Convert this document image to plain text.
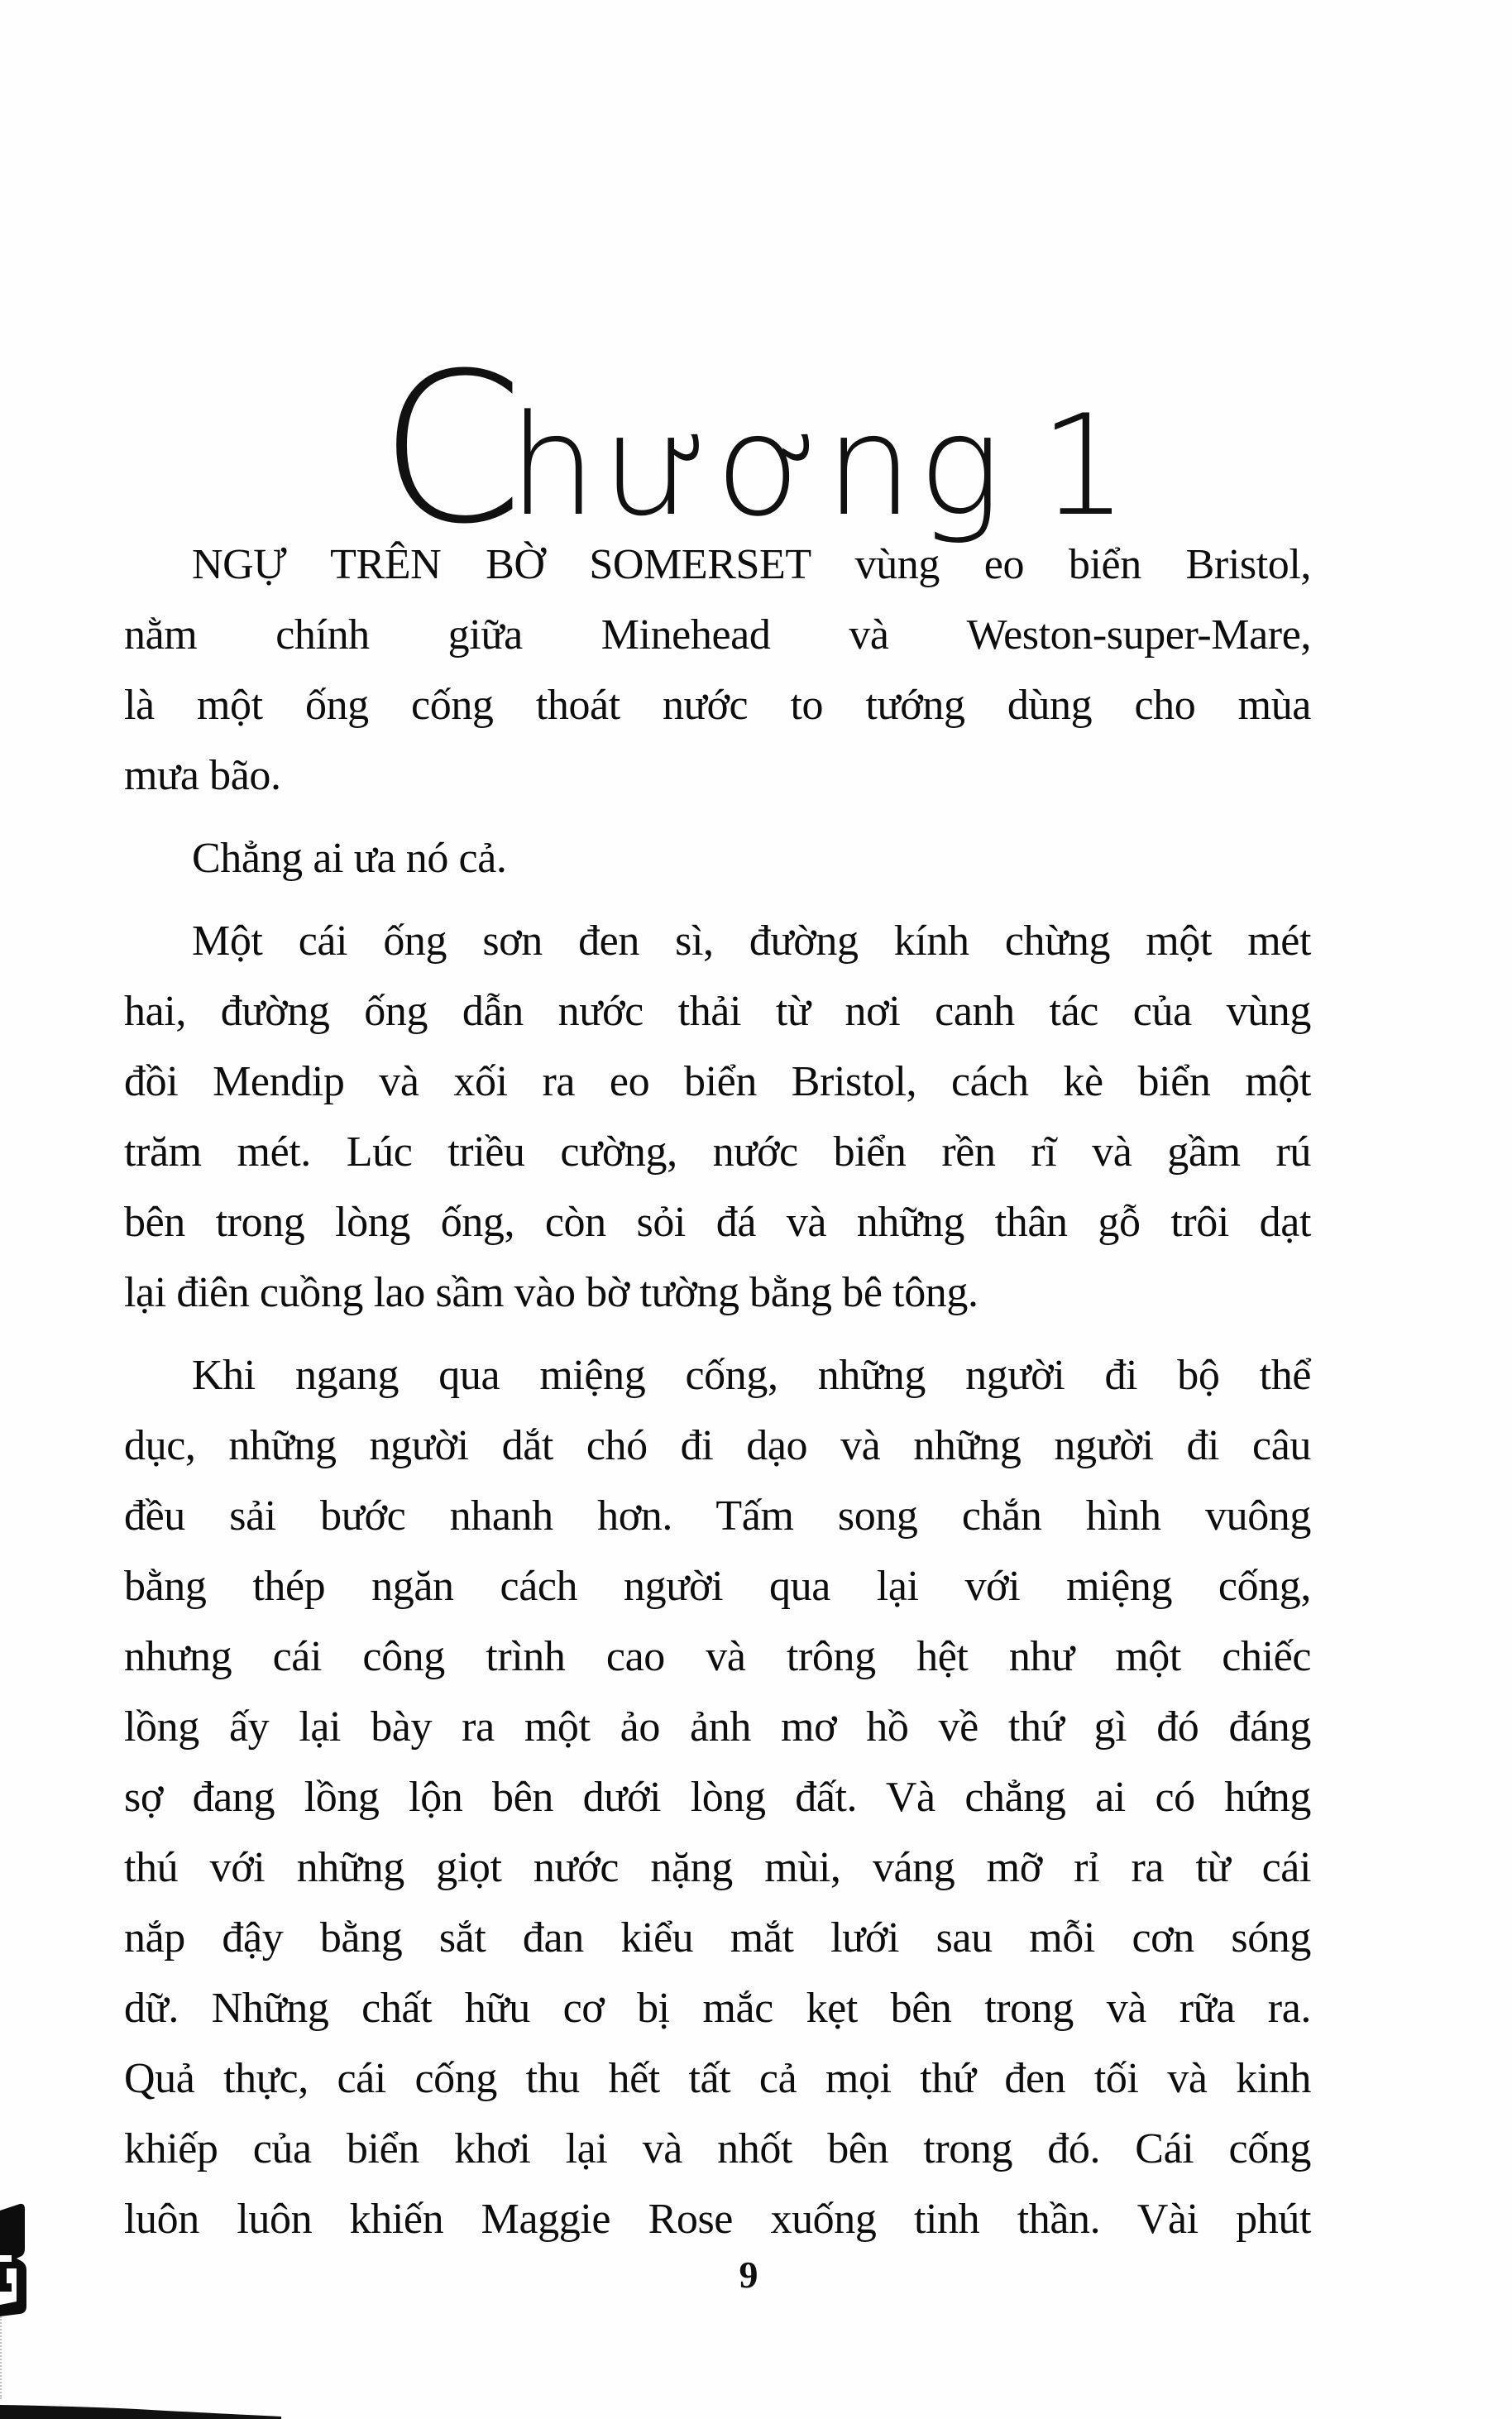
Chương 1
NGỰ TRÊN BỜ SOMERSET vùng eo biển Bristol,
nằm chính giữa Minehead và Weston-super-Mare,
là một ống cống thoát nước to tướng dùng cho mùa
mưa bão.
Chẳng ai ưa nó cả.
Một cái ống sơn đen sì, đường kính chừng một mét
hai, đường ống dẫn nước thải từ nơi canh tác của vùng
đồi Mendip và xối ra eo biển Bristol, cách kè biển một
trăm mét. Lúc triều cường, nước biển rền rĩ và gầm rú
bên trong lòng ống, còn sỏi đá và những thân gỗ trôi dạt
lại điên cuồng lao sầm vào bờ tường bằng bê tông.
Khi ngang qua miệng cống, những người đi bộ thể
dục, những người dắt chó đi dạo và những người đi câu
đều sải bước nhanh hơn. Tấm song chắn hình vuông
bằng thép ngăn cách người qua lại với miệng cống,
nhưng cái công trình cao và trông hệt như một chiếc
lồng ấy lại bày ra một ảo ảnh mơ hồ về thứ gì đó đáng
sợ đang lồng lộn bên dưới lòng đất. Và chẳng ai có hứng
thú với những giọt nước nặng mùi, váng mỡ rỉ ra từ cái
nắp đậy bằng sắt đan kiểu mắt lưới sau mỗi cơn sóng
dữ. Những chất hữu cơ bị mắc kẹt bên trong và rữa ra.
Quả thực, cái cống thu hết tất cả mọi thứ đen tối và kinh
khiếp của biển khơi lại và nhốt bên trong đó. Cái cống
luôn luôn khiến Maggie Rose xuống tinh thần. Vài phút
9
